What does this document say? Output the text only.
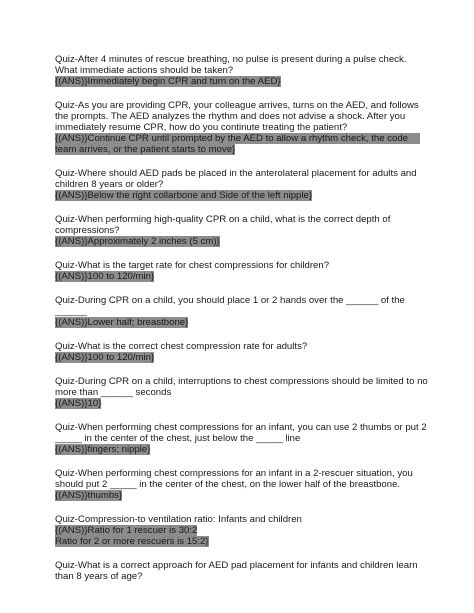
Quiz-After 4 minutes of rescue breathing, no pulse is present during a pulse check.
What immediate actions should be taken?
{(ANS)}Immediately begin CPR and turn on the AED}
Quiz-As you are providing CPR, your colleague arrives, turns on the AED, and follows
the prompts. The AED analyzes the rhythm and does not advise a shock. After you
immediately resume CPR, how do you continute treating the patient?
{(ANS)}Continue CPR until prompted by the AED to allow a rhythm check, the code
team arrives, or the patient starts to move}
Quiz-Where should AED pads be placed in the anterolateral placement for adults and
children 8 years or older?
{(ANS)}Below the right collarbone and Side of the left nipple}
Quiz-When performing high-quality CPR on a child, what is the correct depth of
compressions?
{(ANS)}Approximately 2 inches (5 cm)}
Quiz-What is the target rate for chest compressions for children?
{(ANS)}100 to 120/min}
Quiz-During CPR on a child, you should place 1 or 2 hands over the ______ of the
______
{(ANS)}Lower half; breastbone}
Quiz-What is the correct chest compression rate for adults?
{(ANS)}100 to 120/min}
Quiz-During CPR on a child, interruptions to chest compressions should be limited to no
more than ______ seconds
{(ANS)}10}
Quiz-When performing chest compressions for an infant, you can use 2 thumbs or put 2
_____ in the center of the chest, just below the _____ line
{(ANS)}fingers; nipple}
Quiz-When performing chest compressions for an infant in a 2-rescuer situation, you
should put 2 _____ in the center of the chest, on the lower half of the breastbone.
{(ANS)}thumbs}
Quiz-Compression-to ventilation ratio: Infants and children
{(ANS)}Ratio for 1 rescuer is 30:2
Ratio for 2 or more rescuers is 15:2}
Quiz-What is a correct approach for AED pad placement for infants and children learn
than 8 years of age?
